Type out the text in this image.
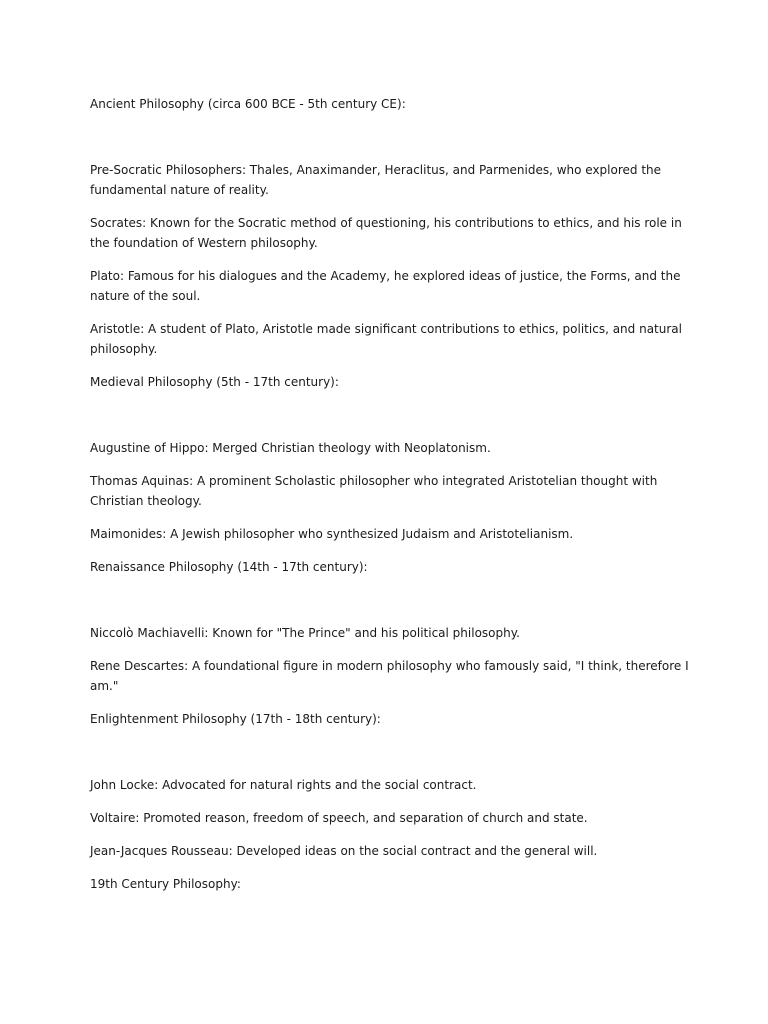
Ancient Philosophy (circa 600 BCE - 5th century CE):

Pre-Socratic Philosophers: Thales, Anaximander, Heraclitus, and Parmenides, who explored the fundamental nature of reality.

Socrates: Known for the Socratic method of questioning, his contributions to ethics, and his role in the foundation of Western philosophy.

Plato: Famous for his dialogues and the Academy, he explored ideas of justice, the Forms, and the nature of the soul.

Aristotle: A student of Plato, Aristotle made significant contributions to ethics, politics, and natural philosophy.

Medieval Philosophy (5th - 17th century):

Augustine of Hippo: Merged Christian theology with Neoplatonism.

Thomas Aquinas: A prominent Scholastic philosopher who integrated Aristotelian thought with Christian theology.

Maimonides: A Jewish philosopher who synthesized Judaism and Aristotelianism.

Renaissance Philosophy (14th - 17th century):

Niccolò Machiavelli: Known for "The Prince" and his political philosophy.

Rene Descartes: A foundational figure in modern philosophy who famously said, "I think, therefore I am."

Enlightenment Philosophy (17th - 18th century):

John Locke: Advocated for natural rights and the social contract.

Voltaire: Promoted reason, freedom of speech, and separation of church and state.

Jean-Jacques Rousseau: Developed ideas on the social contract and the general will.

19th Century Philosophy:
